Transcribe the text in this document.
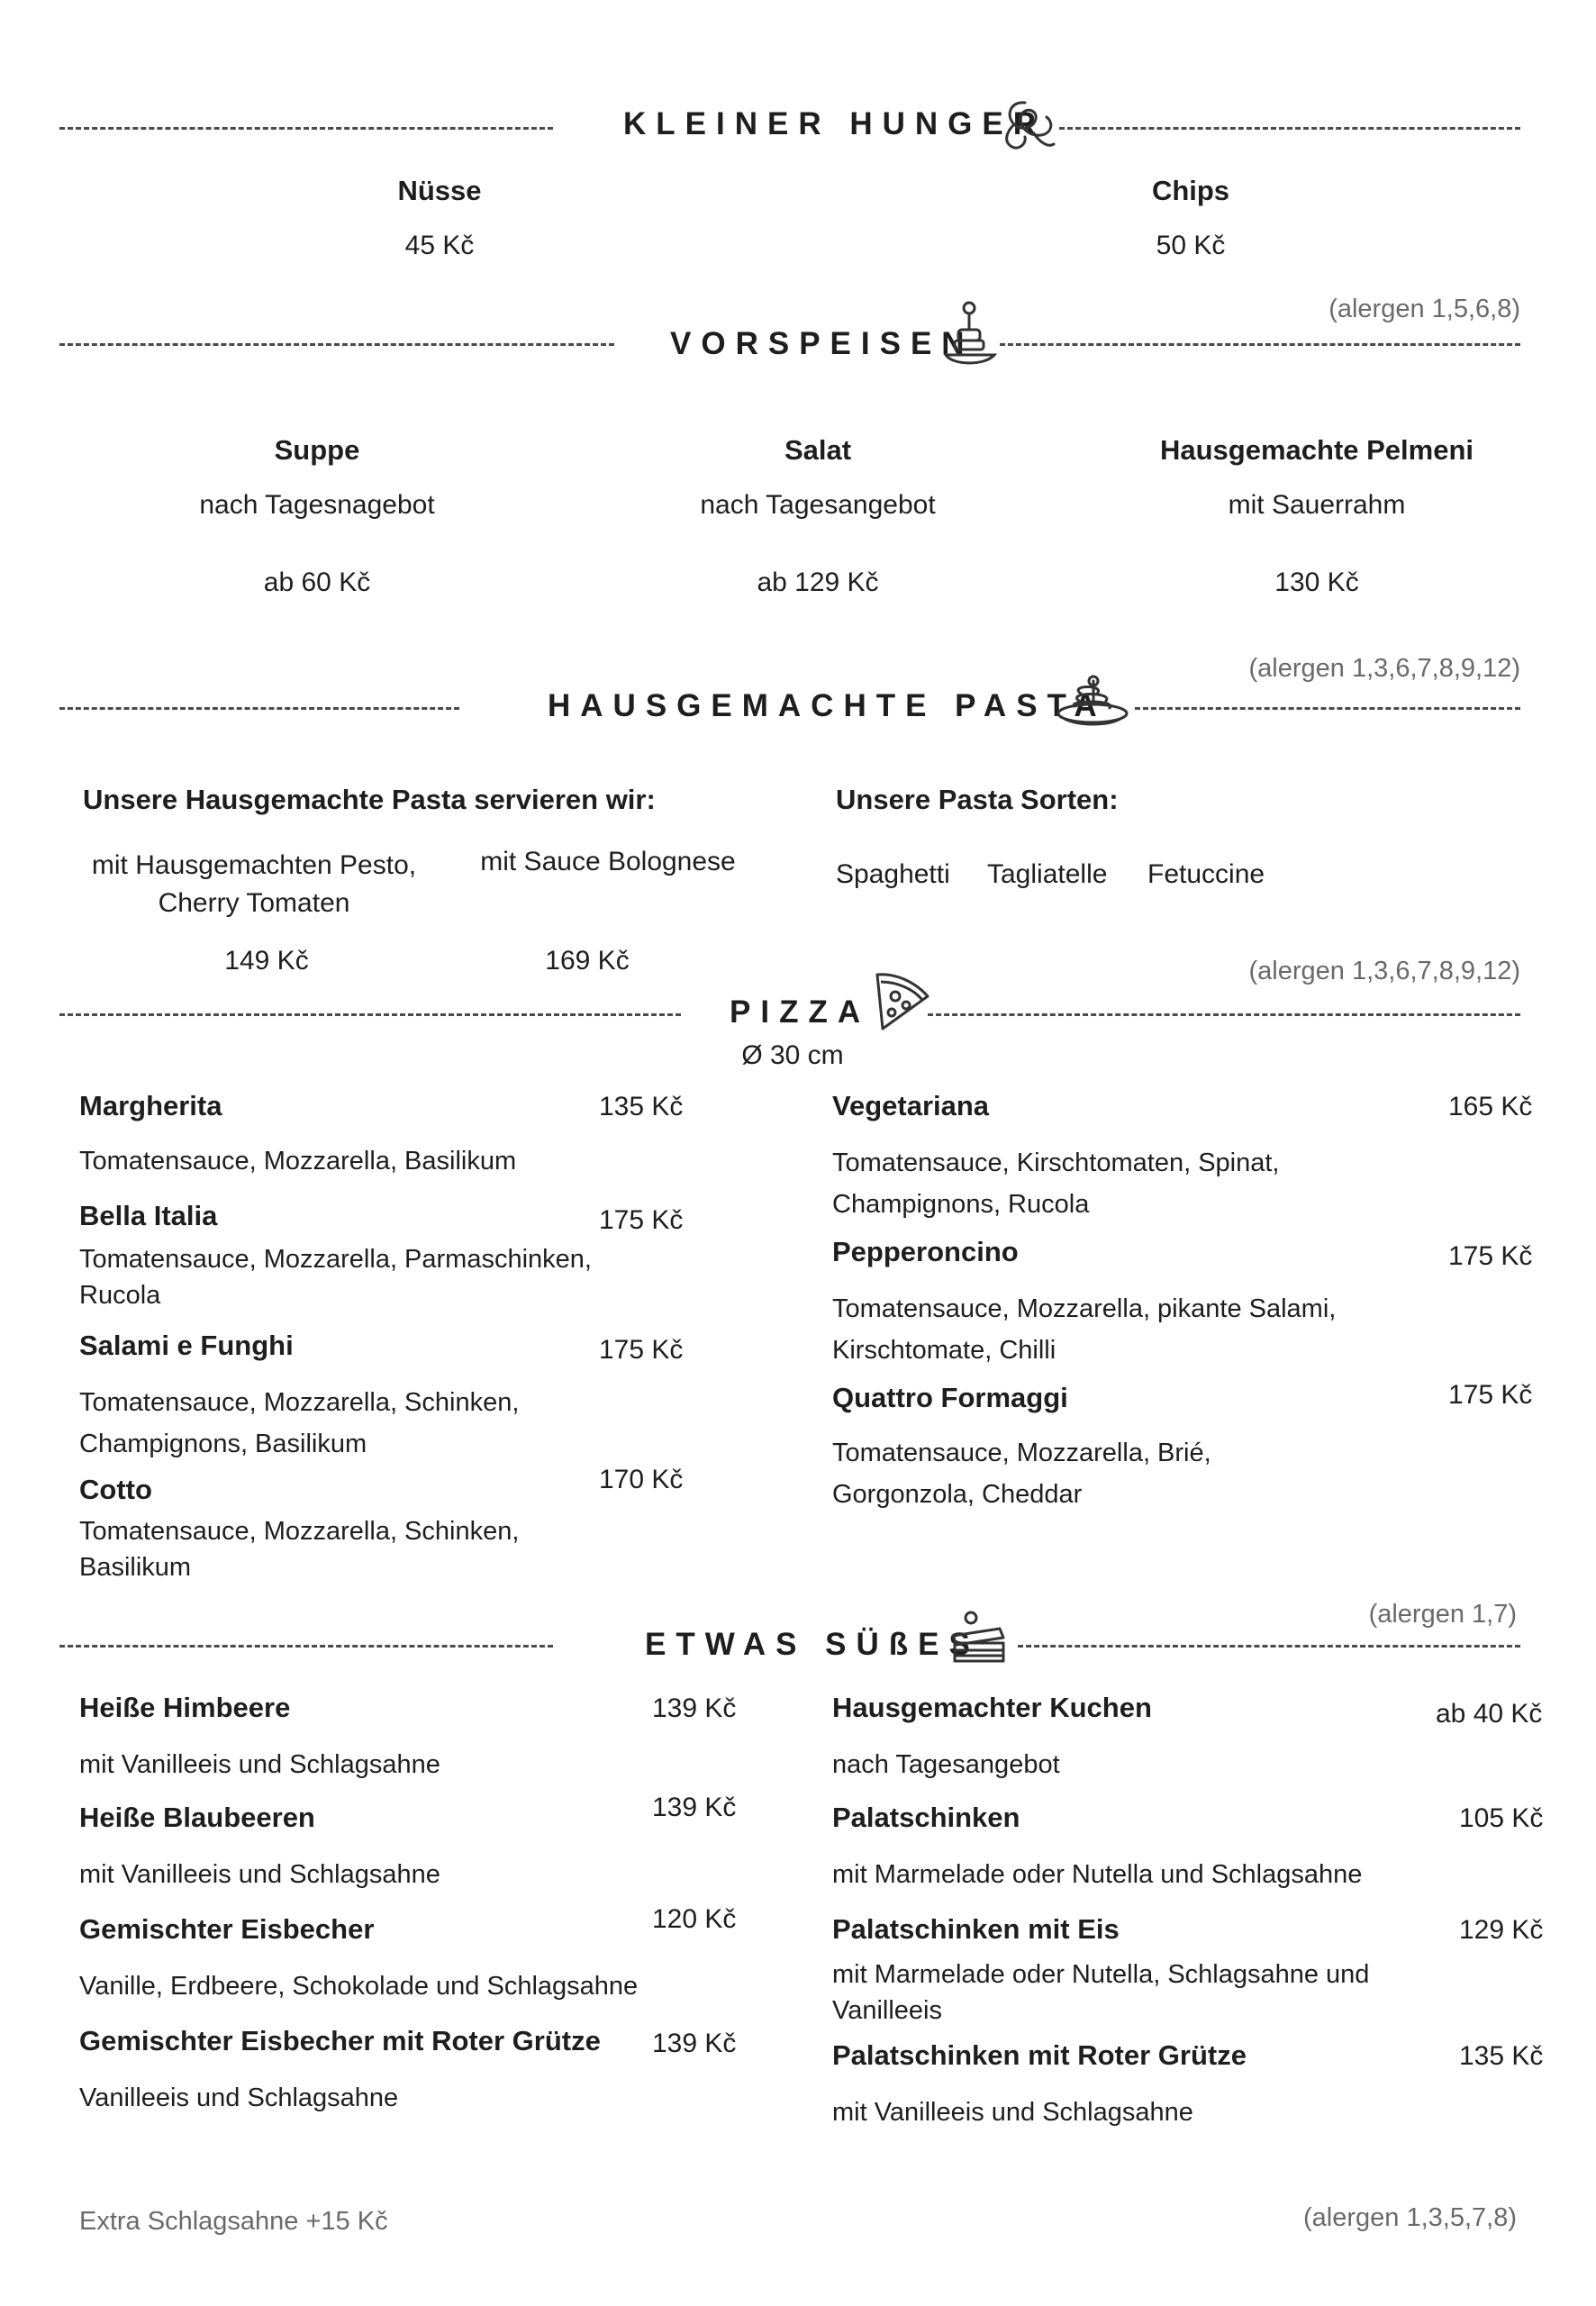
KLEINER HUNGER
Nüsse
45 Kč
Chips
50 Kč
(alergen 1,5,6,8)
VORSPEISEN
Suppe
nach Tagesnagebot
ab 60 Kč
Salat
nach Tagesangebot
ab 129 Kč
Hausgemachte Pelmeni
mit Sauerrahm
130 Kč
(alergen 1,3,6,7,8,9,12)
HAUSGEMACHTE PASTA
Unsere Hausgemachte Pasta servieren wir:	Unsere Pasta Sorten:
mit Hausgemachten Pesto,
Cherry Tomaten
mit Sauce Bolognese
149 Kč	169 Kč
Spaghetti Tagliatelle Fetuccine
(alergen 1,3,6,7,8,9,12)
PIZZA
Ø 30 cm
Margherita	135 Kč
Tomatensauce, Mozzarella, Basilikum
Bella Italia	175 Kč
Tomatensauce, Mozzarella, Parmaschinken, Rucola
Salami e Funghi	175 Kč
Tomatensauce, Mozzarella, Schinken, Champignons, Basilikum
Cotto	170 Kč
Tomatensauce, Mozzarella, Schinken, Basilikum
Vegetariana	165 Kč
Tomatensauce, Kirschtomaten, Spinat, Champignons, Rucola
Pepperoncino	175 Kč
Tomatensauce, Mozzarella, pikante Salami, Kirschtomate, Chilli
Quattro Formaggi	175 Kč
Tomatensauce, Mozzarella, Brié, Gorgonzola, Cheddar
(alergen 1,7)
ETWAS SÜßES
Heiße Himbeere	139 Kč
mit Vanilleeis und Schlagsahne
Heiße Blaubeeren	139 Kč
mit Vanilleeis und Schlagsahne
Gemischter Eisbecher	120 Kč
Vanille, Erdbeere, Schokolade und Schlagsahne
Gemischter Eisbecher mit Roter Grütze 139 Kč
Vanilleeis und Schlagsahne
Hausgemachter Kuchen	ab 40 Kč
nach Tagesangebot
Palatschinken	105 Kč
mit Marmelade oder Nutella und Schlagsahne
Palatschinken mit Eis	129 Kč
mit Marmelade oder Nutella, Schlagsahne und Vanilleeis
Palatschinken mit Roter Grütze	135 Kč
mit Vanilleeis und Schlagsahne
Extra Schlagsahne +15 Kč	(alergen 1,3,5,7,8)
